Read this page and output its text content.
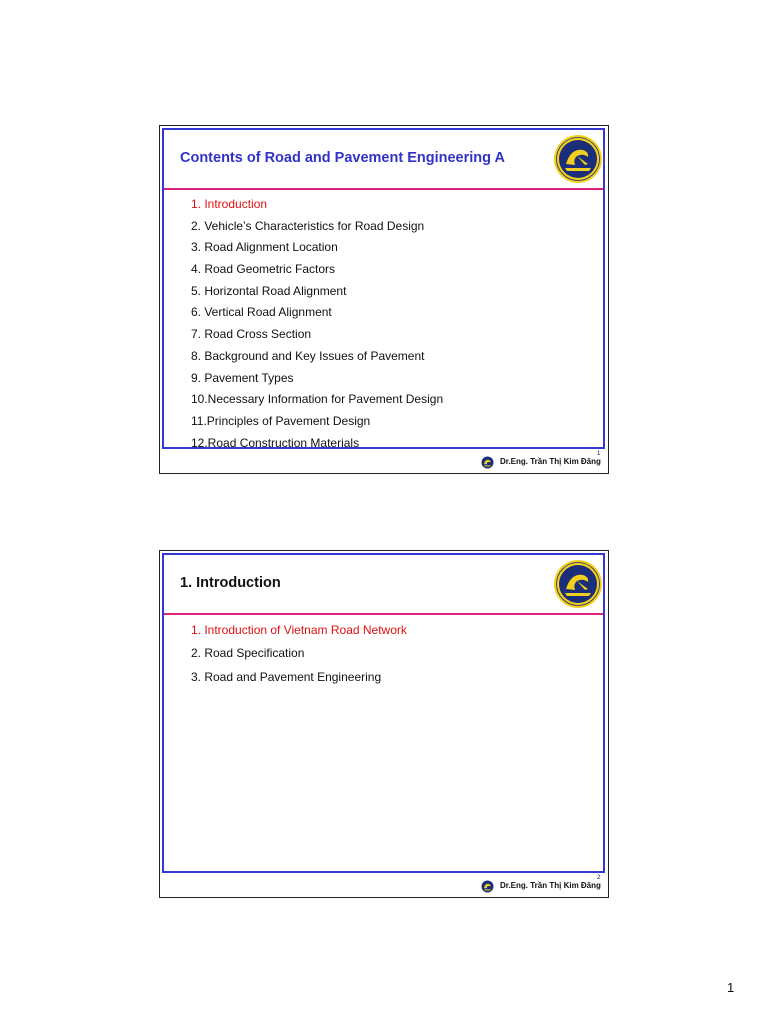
Contents of Road and Pavement Engineering A
1. Introduction
2. Vehicle’s Characteristics for Road Design
3. Road Alignment Location
4. Road Geometric Factors
5. Horizontal Road Alignment
6. Vertical Road Alignment
7. Road Cross Section
8. Background and Key Issues of Pavement
9. Pavement Types
10.Necessary Information for Pavement Design
11.Principles of Pavement Design
12.Road Construction Materials
Dr.Eng. Trần Thị Kim Đăng
1
1. Introduction
1. Introduction of Vietnam Road Network
2. Road Specification
3. Road and Pavement Engineering
Dr.Eng. Trần Thị Kim Đăng
2
1
